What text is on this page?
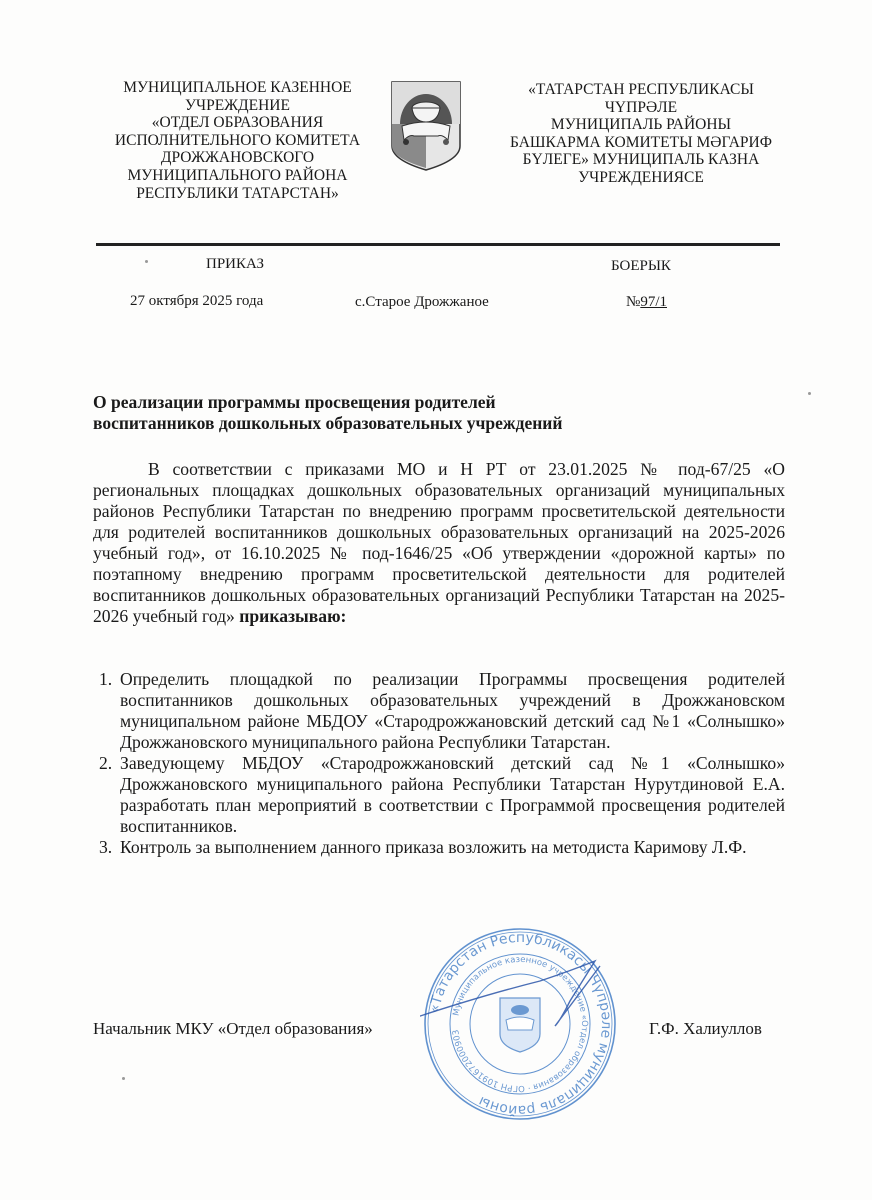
МУНИЦИПАЛЬНОЕ КАЗЕННОЕ
УЧРЕЖДЕНИЕ
«ОТДЕЛ ОБРАЗОВАНИЯ
ИСПОЛНИТЕЛЬНОГО КОМИТЕТА
ДРОЖЖАНОВСКОГО
МУНИЦИПАЛЬНОГО РАЙОНА
РЕСПУБЛИКИ ТАТАРСТАН»
«ТАТАРСТАН РЕСПУБЛИКАСЫ
ЧҮПРӘЛЕ
МУНИЦИПАЛЬ РАЙОНЫ
БАШКАРМА КОМИТЕТЫ МӘГАРИФ
БҮЛЕГЕ» МУНИЦИПАЛЬ КАЗНА
УЧРЕЖДЕНИЯСЕ
ПРИКАЗ	БОЕРЫК
27 октября 2025 года	с.Старое Дрожжаное	№97/1
О реализации программы просвещения родителей
воспитанников дошкольных образовательных учреждений
В соответствии с приказами МО и Н РТ от 23.01.2025 № под-67/25 «О региональных площадках дошкольных образовательных организаций муниципальных районов Республики Татарстан по внедрению программ просветительской деятельности для родителей воспитанников дошкольных образовательных организаций на 2025-2026 учебный год», от 16.10.2025 № под-1646/25 «Об утверждении «дорожной карты» по поэтапному внедрению программ просветительской деятельности для родителей воспитанников дошкольных образовательных организаций Республики Татарстан на 2025-2026 учебный год» приказываю:
1. Определить площадкой по реализации Программы просвещения родителей воспитанников дошкольных образовательных учреждений в Дрожжановском муниципальном районе МБДОУ «Стародрожжановский детский сад №1 «Солнышко» Дрожжановского муниципального района Республики Татарстан.
2. Заведующему МБДОУ «Стародрожжановский детский сад №1 «Солнышко» Дрожжановского муниципального района Республики Татарстан Нурутдиновой Е.А. разработать план мероприятий в соответствии с Программой просвещения родителей воспитанников.
3. Контроль за выполнением данного приказа возложить на методиста Каримову Л.Ф.
«Татарстан Республикасы Чүпрәле муниципаль районы
Муниципальное казенное учреждение «Отдел образования · ОГРН 1091672000903
Начальник МКУ «Отдел образования»	Г.Ф. Халиуллов
